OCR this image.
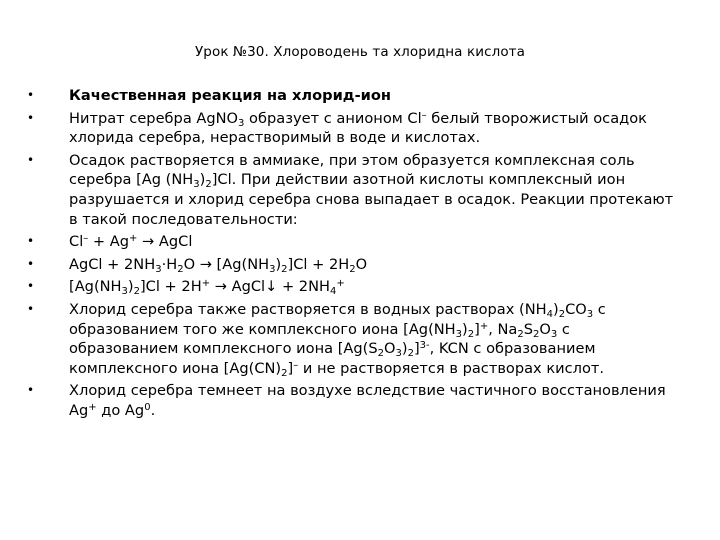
Урок №30. Хлороводень та хлоридна кислота
• Качественная реакция на хлорид-ион
• Нитрат серебра AgNO$_3$ образует с анионом Cl– белый творожистый осадок хлорида серебра, нерастворимый в воде и кислотах.
• Осадок растворяется в аммиаке, при этом образуется комплексная соль серебра [Ag $(NH_3)_2]Cl$. При действии азотной кислоты комплексный ион разрушается и хлорид серебра снова выпадает в осадок. Реакции протекают в такой последовательности:
• Cl– + Ag+ → AgCl
• AgCl + $2NH_3\cdot H_2O \to [Ag(NH_3)_2]Cl + 2H_2O$
• $[Ag(NH_3)_2]Cl + 2H^+$ → AgCl↓ + $2NH_4^+$
• Хлорид серебра также растворяется в водных растворах $(NH_4)_2CO_3$ с образованием того же комплексного иона $[Ag(NH_3)_2]^+$, $Na_2S_2O_3$ с образованием комплексного иона $[Ag(S_2O_3)_2]^{3-}$, KCN с образованием комплексного иона $[Ag(CN)_2]^-$ и не растворяется в растворах кислот.
• Хлорид серебра темнеет на воздухе вследствие частичного восстановления Ag+ до Ag$^0$.
